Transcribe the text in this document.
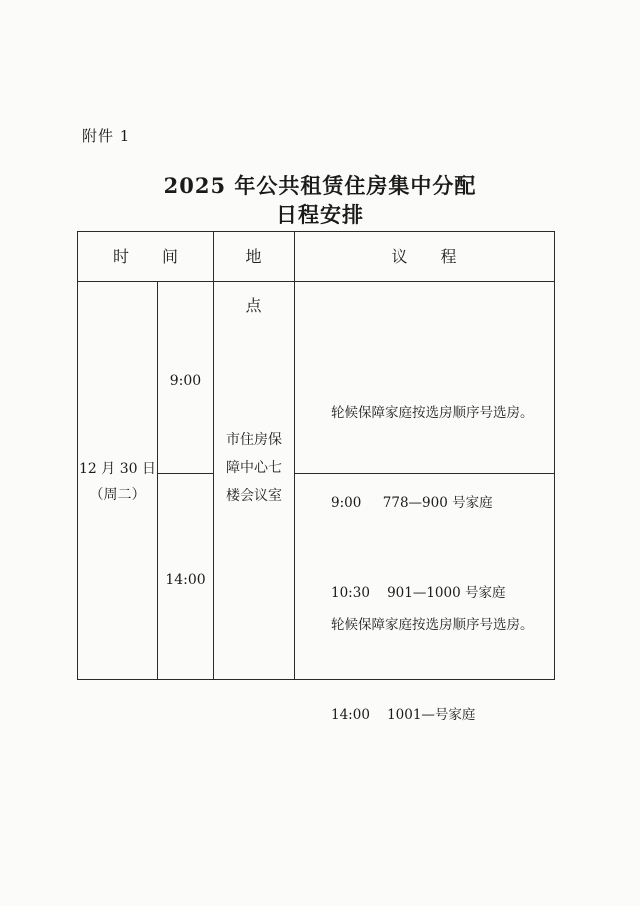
附件 1
2025 年公共租赁住房集中分配
日程安排
时 间	地 点
议 程
12 月 30 日
（周二）
9:00
14:00
市住房保
障中心七
楼会议室

轮候保障家庭按选房顺序号选房。

9:00     778—900 号家庭

10:30    901—1000 号家庭

轮候保障家庭按选房顺序号选房。

14:00    1001—号家庭
